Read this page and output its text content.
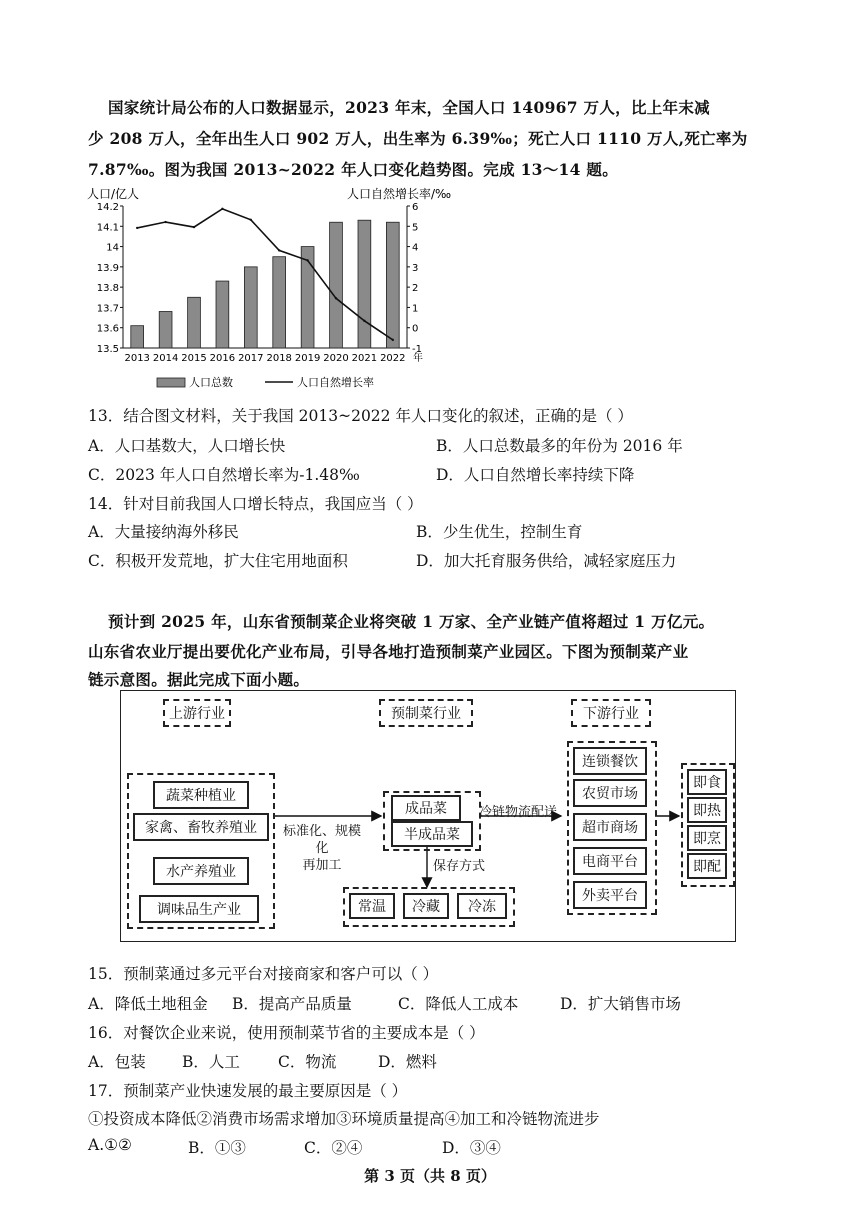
国家统计局公布的人口数据显示，2023 年末，全国人口 140967 万人，比上年末减
少 208 万人，全年出生人口 902 万人，出生率为 6.39‰；死亡人口 1110 万人,死亡率为
7.87‰。图为我国 2013~2022 年人口变化趋势图。完成 13～14 题。
人口/亿人	人口自然增长率/‰
14.2
14.1
14
13.9
13.8
13.7
13.6
13.5
6
5
4
3
2
1
0
-1
2013 2014 2015 2016 2017 2018 2019 2020 2021 2022 年
人口总数	人口自然增长率
13．结合图文材料，关于我国 2013~2022 年人口变化的叙述，正确的是（ ）
A．人口基数大，人口增长快	B．人口总数最多的年份为 2016 年
C．2023 年人口自然增长率为-1.48‰	D．人口自然增长率持续下降
14．针对目前我国人口增长特点，我国应当（ ）
A．大量接纳海外移民	B．少生优生，控制生育
C．积极开发荒地，扩大住宅用地面积	D．加大托育服务供给，减轻家庭压力
预计到 2025 年，山东省预制菜企业将突破 1 万家、全产业链产值将超过 1 万亿元。
山东省农业厅提出要优化产业布局，引导各地打造预制菜产业园区。下图为预制菜产业
链示意图。据此完成下面小题。
上游行业	预制菜行业	下游行业
蔬菜种植业
家禽、畜牧养殖业
水产养殖业
调味品生产业
标准化、规模化
再加工
成品菜
半成品菜
冷链物流配送
保存方式
常温	冷藏	冷冻
连锁餐饮
农贸市场
超市商场
电商平台
外卖平台
即食
即热
即烹
即配
15．预制菜通过多元平台对接商家和客户可以（ ）
A．降低土地租金 B．提高产品质量	C．降低人工成本	D．扩大销售市场
16．对餐饮企业来说，使用预制菜节省的主要成本是（ ）
A．包装 B．人工 C．物流	D．燃料
17．预制菜产业快速发展的最主要原因是（ ）
①投资成本降低②消费市场需求增加③环境质量提高④加工和冷链物流进步
A.①②	B．①③	C．②④	D．③④
第 3 页（共 8 页）
